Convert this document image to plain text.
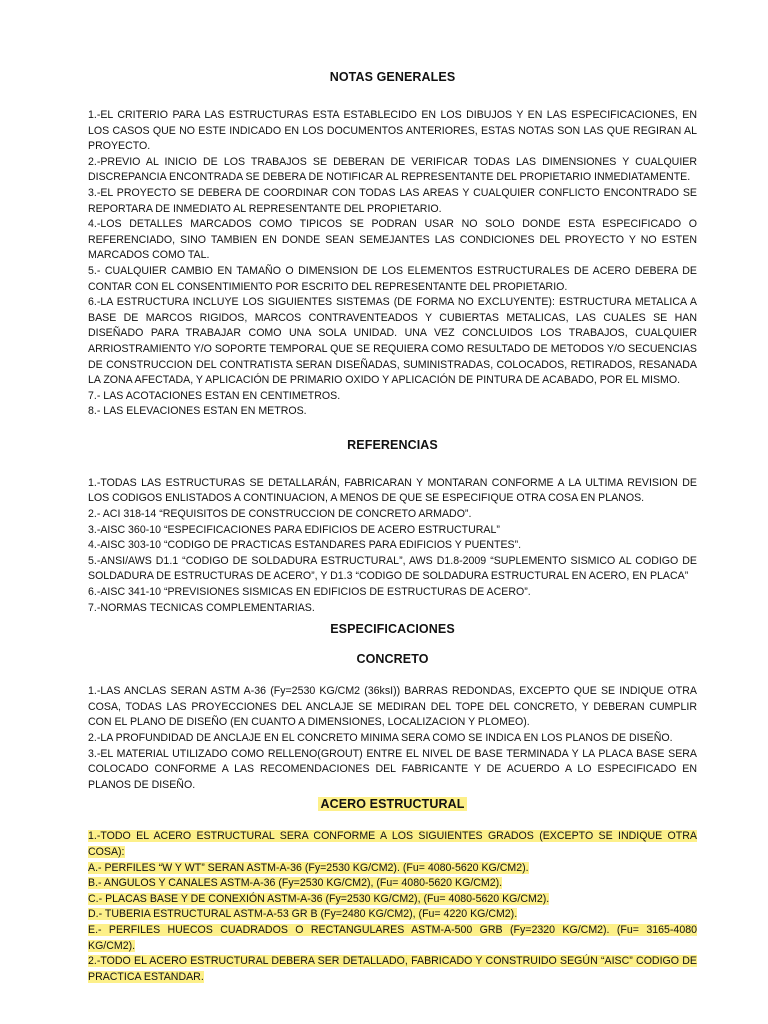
NOTAS GENERALES

1.-EL CRITERIO PARA LAS ESTRUCTURAS ESTA ESTABLECIDO EN LOS DIBUJOS Y EN LAS ESPECIFICACIONES, EN LOS CASOS QUE NO ESTE INDICADO EN LOS DOCUMENTOS ANTERIORES, ESTAS NOTAS SON LAS QUE REGIRAN AL PROYECTO.

2.-PREVIO AL INICIO DE LOS TRABAJOS SE DEBERAN DE VERIFICAR TODAS LAS DIMENSIONES Y CUALQUIER DISCREPANCIA ENCONTRADA SE DEBERA DE NOTIFICAR AL REPRESENTANTE DEL PROPIETARIO INMEDIATAMENTE.

3.-EL PROYECTO SE DEBERA DE COORDINAR CON TODAS LAS AREAS Y CUALQUIER CONFLICTO ENCONTRADO SE REPORTARA DE INMEDIATO AL REPRESENTANTE DEL PROPIETARIO.

4.-LOS DETALLES MARCADOS COMO TIPICOS SE PODRAN USAR NO SOLO DONDE ESTA ESPECIFICADO O REFERENCIADO, SINO TAMBIEN EN DONDE SEAN SEMEJANTES LAS CONDICIONES DEL PROYECTO Y NO ESTEN MARCADOS COMO TAL.

5.- CUALQUIER CAMBIO EN TAMAÑO O DIMENSION DE LOS ELEMENTOS ESTRUCTURALES DE ACERO DEBERA DE CONTAR CON EL CONSENTIMIENTO POR ESCRITO DEL REPRESENTANTE DEL PROPIETARIO.

6.-LA ESTRUCTURA INCLUYE LOS SIGUIENTES SISTEMAS (DE FORMA NO EXCLUYENTE): ESTRUCTURA METALICA A BASE DE MARCOS RIGIDOS, MARCOS CONTRAVENTEADOS Y CUBIERTAS METALICAS, LAS CUALES SE HAN DISEÑADO PARA TRABAJAR COMO UNA SOLA UNIDAD. UNA VEZ CONCLUIDOS LOS TRABAJOS, CUALQUIER ARRIOSTRAMIENTO Y/O SOPORTE TEMPORAL QUE SE REQUIERA COMO RESULTADO DE METODOS Y/O SECUENCIAS DE CONSTRUCCION DEL CONTRATISTA SERAN DISEÑADAS, SUMINISTRADAS, COLOCADOS, RETIRADOS, RESANADA LA ZONA AFECTADA, Y APLICACIÓN DE PRIMARIO OXIDO Y APLICACIÓN DE PINTURA DE ACABADO, POR EL MISMO.

7.- LAS ACOTACIONES ESTAN EN CENTIMETROS.

8.- LAS ELEVACIONES ESTAN EN METROS.

REFERENCIAS

1.-TODAS LAS ESTRUCTURAS SE DETALLARÁN, FABRICARAN Y MONTARAN CONFORME A LA ULTIMA REVISION DE LOS CODIGOS ENLISTADOS A CONTINUACION, A MENOS DE QUE SE ESPECIFIQUE OTRA COSA EN PLANOS.

2.- ACI 318-14 “REQUISITOS DE CONSTRUCCION DE CONCRETO ARMADO”.

3.-AISC 360-10 “ESPECIFICACIONES PARA EDIFICIOS DE ACERO ESTRUCTURAL”

4.-AISC 303-10 “CODIGO DE PRACTICAS ESTANDARES PARA EDIFICIOS Y PUENTES”.

5.-ANSI/AWS D1.1 “CODIGO DE SOLDADURA ESTRUCTURAL”, AWS D1.8-2009 “SUPLEMENTO SISMICO AL CODIGO DE SOLDADURA DE ESTRUCTURAS DE ACERO”, Y D1.3 “CODIGO DE SOLDADURA ESTRUCTURAL EN ACERO, EN PLACA”

6.-AISC 341-10 “PREVISIONES SISMICAS EN EDIFICIOS DE ESTRUCTURAS DE ACERO”.

7.-NORMAS TECNICAS COMPLEMENTARIAS.

ESPECIFICACIONES
CONCRETO

1.-LAS ANCLAS SERAN ASTM A-36 (Fy=2530 KG/CM2 (36ksI)) BARRAS REDONDAS, EXCEPTO QUE SE INDIQUE OTRA COSA, TODAS LAS PROYECCIONES DEL ANCLAJE SE MEDIRAN DEL TOPE DEL CONCRETO, Y DEBERAN CUMPLIR CON EL PLANO DE DISEÑO (EN CUANTO A DIMENSIONES, LOCALIZACION Y PLOMEO).

2.-LA PROFUNDIDAD DE ANCLAJE EN EL CONCRETO MINIMA SERA COMO SE INDICA EN LOS PLANOS DE DISEÑO.

3.-EL MATERIAL UTILIZADO COMO RELLENO(GROUT) ENTRE EL NIVEL DE BASE TERMINADA Y LA PLACA BASE SERA COLOCADO CONFORME A LAS RECOMENDACIONES DEL FABRICANTE Y DE ACUERDO A LO ESPECIFICADO EN PLANOS DE DISEÑO.

ACERO ESTRUCTURAL

1.-TODO EL ACERO ESTRUCTURAL SERA CONFORME A LOS SIGUIENTES GRADOS (EXCEPTO SE INDIQUE OTRA COSA):

A.- PERFILES “W Y WT” SERAN ASTM-A-36 (Fy=2530 KG/CM2). (Fu= 4080-5620 KG/CM2).

B.- ANGULOS Y CANALES ASTM-A-36 (Fy=2530 KG/CM2), (Fu= 4080-5620 KG/CM2).

C.- PLACAS BASE Y DE CONEXIÓN ASTM-A-36 (Fy=2530 KG/CM2), (Fu= 4080-5620 KG/CM2).

D.- TUBERIA ESTRUCTURAL ASTM-A-53 GR B (Fy=2480 KG/CM2), (Fu= 4220 KG/CM2).

E.- PERFILES HUECOS CUADRADOS O RECTANGULARES ASTM-A-500 GRB (Fy=2320 KG/CM2). (Fu= 3165-4080 KG/CM2).

2.-TODO EL ACERO ESTRUCTURAL DEBERA SER DETALLADO, FABRICADO Y CONSTRUIDO SEGÚN “AISC” CODIGO DE PRACTICA ESTANDAR.
